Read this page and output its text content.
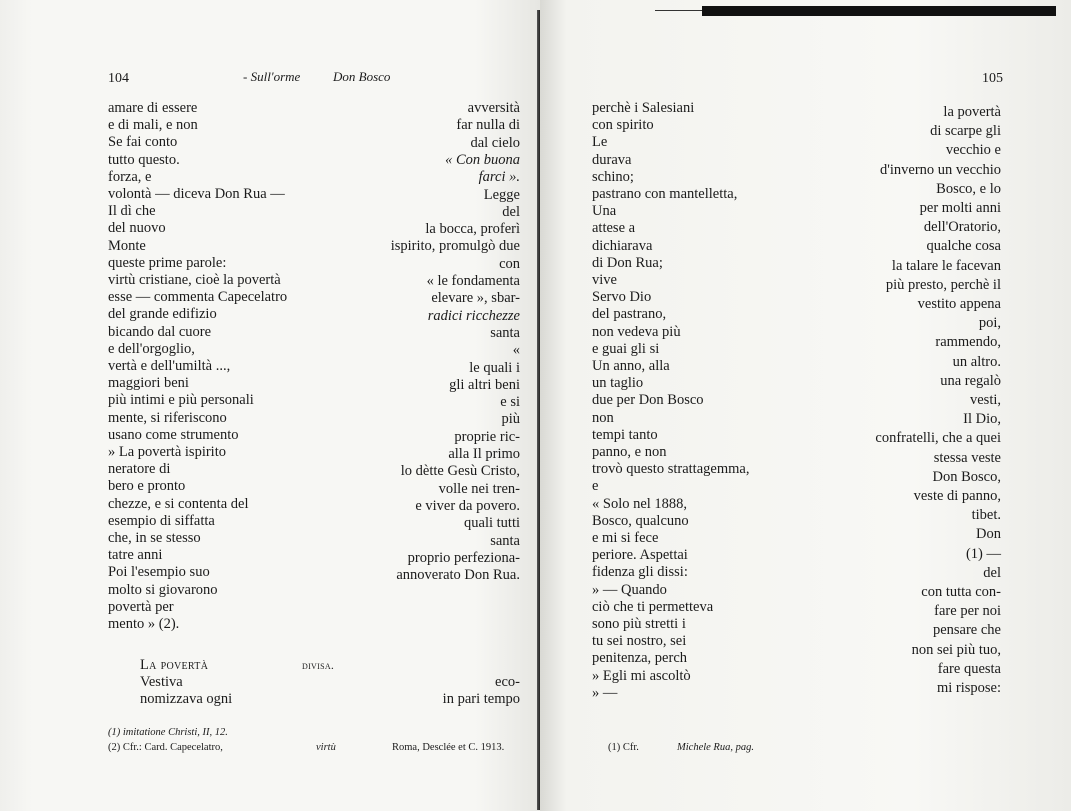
104	- Sull'orme	Don Bosco
amare di essere
e di mali, e non
Se fai conto
tutto questo.
forza, e
volontà — diceva Don Rua —
Il dì che
del nuovo
Monte
queste prime parole:
virtù cristiane, cioè la povertà
esse — commenta Capecelatro
del grande edifizio
bicando dal cuore
e dell'orgoglio,
vertà e dell'umiltà ...,
maggiori beni
più intimi e più personali
mente, si riferiscono
usano come strumento
» La povertà ispirito
neratore di
bero e pronto
chezze, e si contenta del
esempio di siffatta
che, in se stesso
tatre anni
Poi l'esempio suo
molto si giovarono
povertà per
mento » (2).
avversità
far nulla di
dal cielo
« Con buona
farci ».
Legge
del
la bocca, proferì
ispirito, promulgò due
con
« le fondamenta
elevare », sbar-
radici ricchezze
santa
«
le quali i
gli altri beni
e si
più
proprie ric-
alla Il primo
lo dètte Gesù Cristo,
volle nei tren-
e viver da povero.
quali tutti
santa
proprio perfeziona-
annoverato Don Rua.
La povertà	divisa.
Vestiva
nomizzava ogni
eco-
in pari tempo
(1) imitatione Christi, II, 12.
(2) Cfr.: Card. Capecelatro,	virtù	Roma, Desclée et C. 1913.
105
perchè i Salesiani
con spirito
Le
durava
schino;
pastrano con mantelletta,
Una
attese a
dichiarava
di Don Rua;
vive
Servo Dio
del pastrano,
non vedeva più
e guai gli si
Un anno, alla
un taglio
due per Don Bosco
non
tempi tanto
panno, e non
trovò questo strattagemma,
e
« Solo nel 1888,
Bosco, qualcuno
e mi si fece
periore. Aspettai
fidenza gli dissi:
» — Quando
ciò che ti permetteva
sono più stretti i
tu sei nostro, sei
penitenza, perch
» Egli mi ascoltò
» —
la povertà
di scarpe gli
vecchio e
d'inverno un vecchio
Bosco, e lo
per molti anni
dell'Oratorio,
qualche cosa
la talare le facevan
più presto, perchè il
vestito appena
poi,
rammendo,
un altro.
una regalò
vesti,
Il Dio,
confratelli, che a quei
stessa veste
Don Bosco,
veste di panno,
tibet.
Don
(1) —
del
con tutta con-
fare per noi
pensare che
non sei più tuo,
fare questa
mi rispose:
(1) Cfr.	Michele Rua, pag.
